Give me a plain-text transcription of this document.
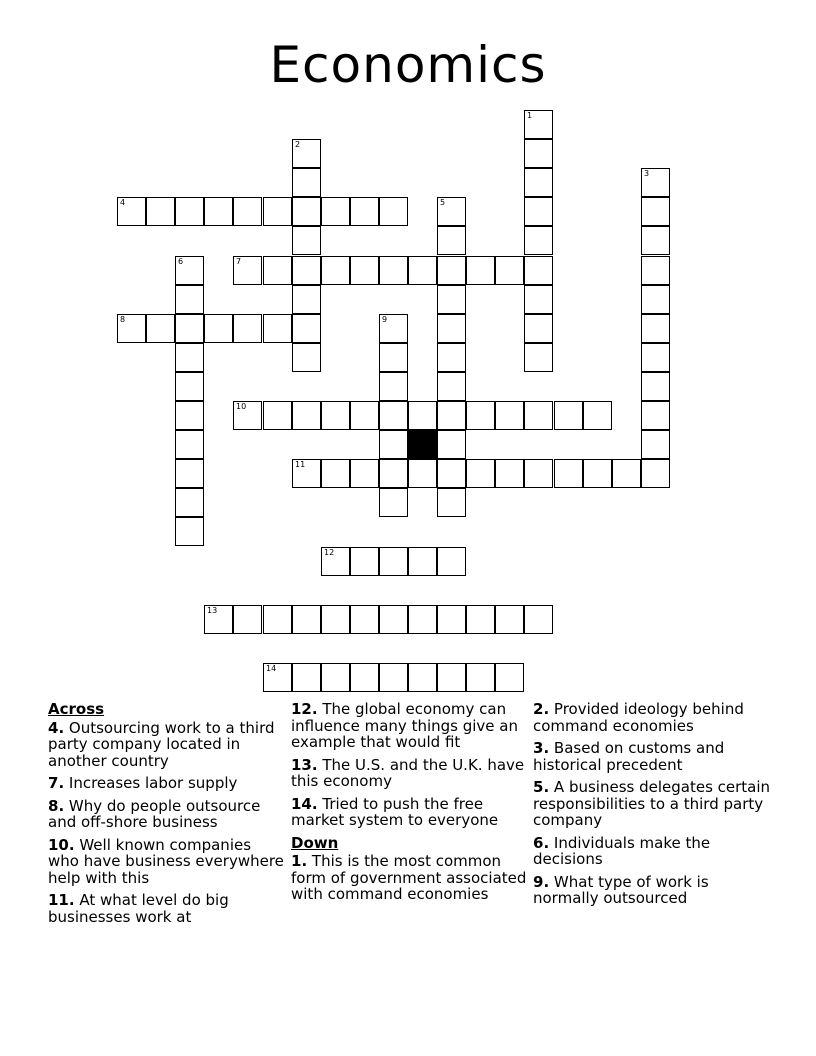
Economics
4
7
8
10
11
12
13
14
1
2
3
5
6
9
Across
4. Outsourcing work to a third party company located in another country
7. Increases labor supply
8. Why do people outsource and off-shore business
10. Well known companies who have business everywhere help with this
11. At what level do big businesses work at
12. The global economy can influence many things give an example that would fit
13. The U.S. and the U.K. have this economy
14. Tried to push the free market system to everyone
Down
1. This is the most common form of government associated with command economies
2. Provided ideology behind command economies
3. Based on customs and historical precedent
5. A business delegates certain responsibilities to a third party company
6. Individuals make the decisions
9. What type of work is normally outsourced
